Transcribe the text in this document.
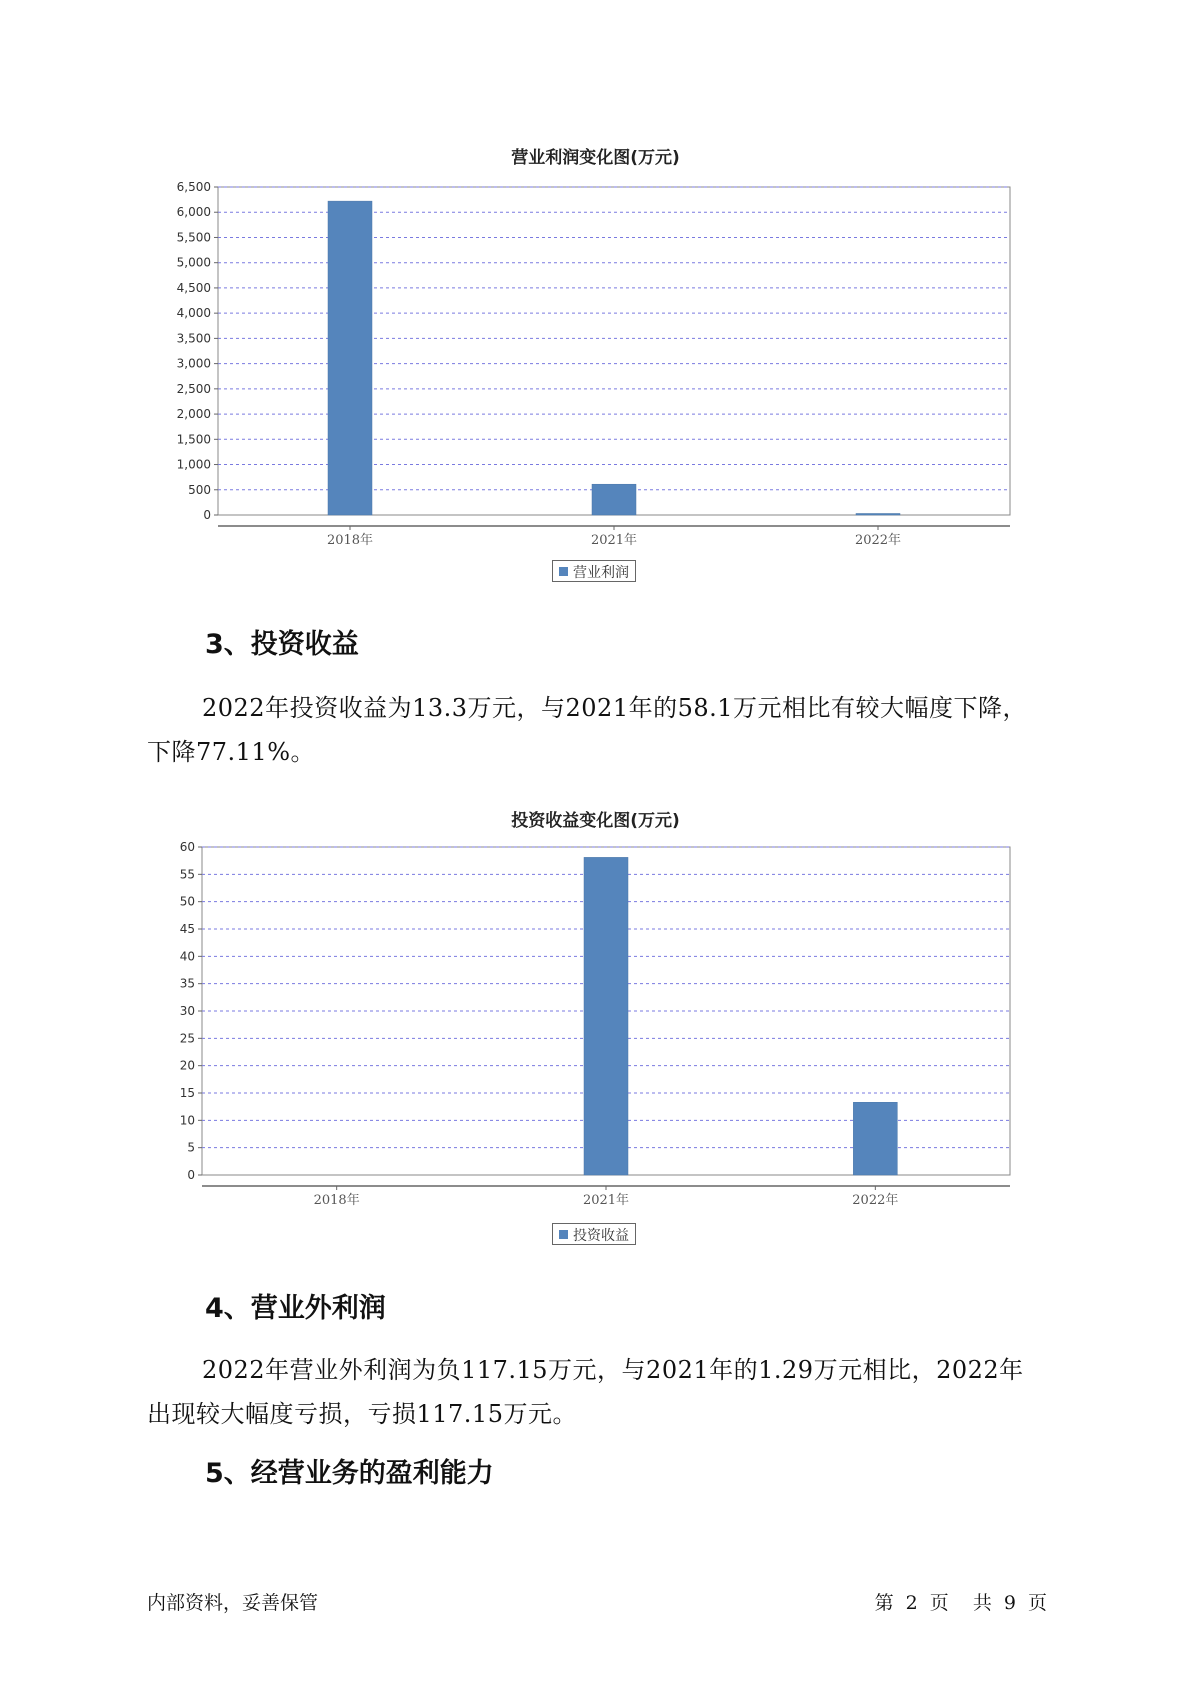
营业利润变化图(万元)
0
500
1,000
1,500
2,000
2,500
3,000
3,500
4,000
4,500
5,000
5,500
6,000
6,500
2018年	2021年	2022年
营业利润
3、投资收益

2022年投资收益为13.3万元，与2021年的58.1万元相比有较大幅度下降，下降77.11%。

投资收益变化图(万元)
0
5
10
15
20
25
30
35
40
45
50
55
60
2018年	2021年	2022年
投资收益
4、营业外利润

2022年营业外利润为负117.15万元，与2021年的1.29万元相比，2022年出现较大幅度亏损，亏损117.15万元。

5、经营业务的盈利能力
内部资料，妥善保管	第 2 页 共 9 页
